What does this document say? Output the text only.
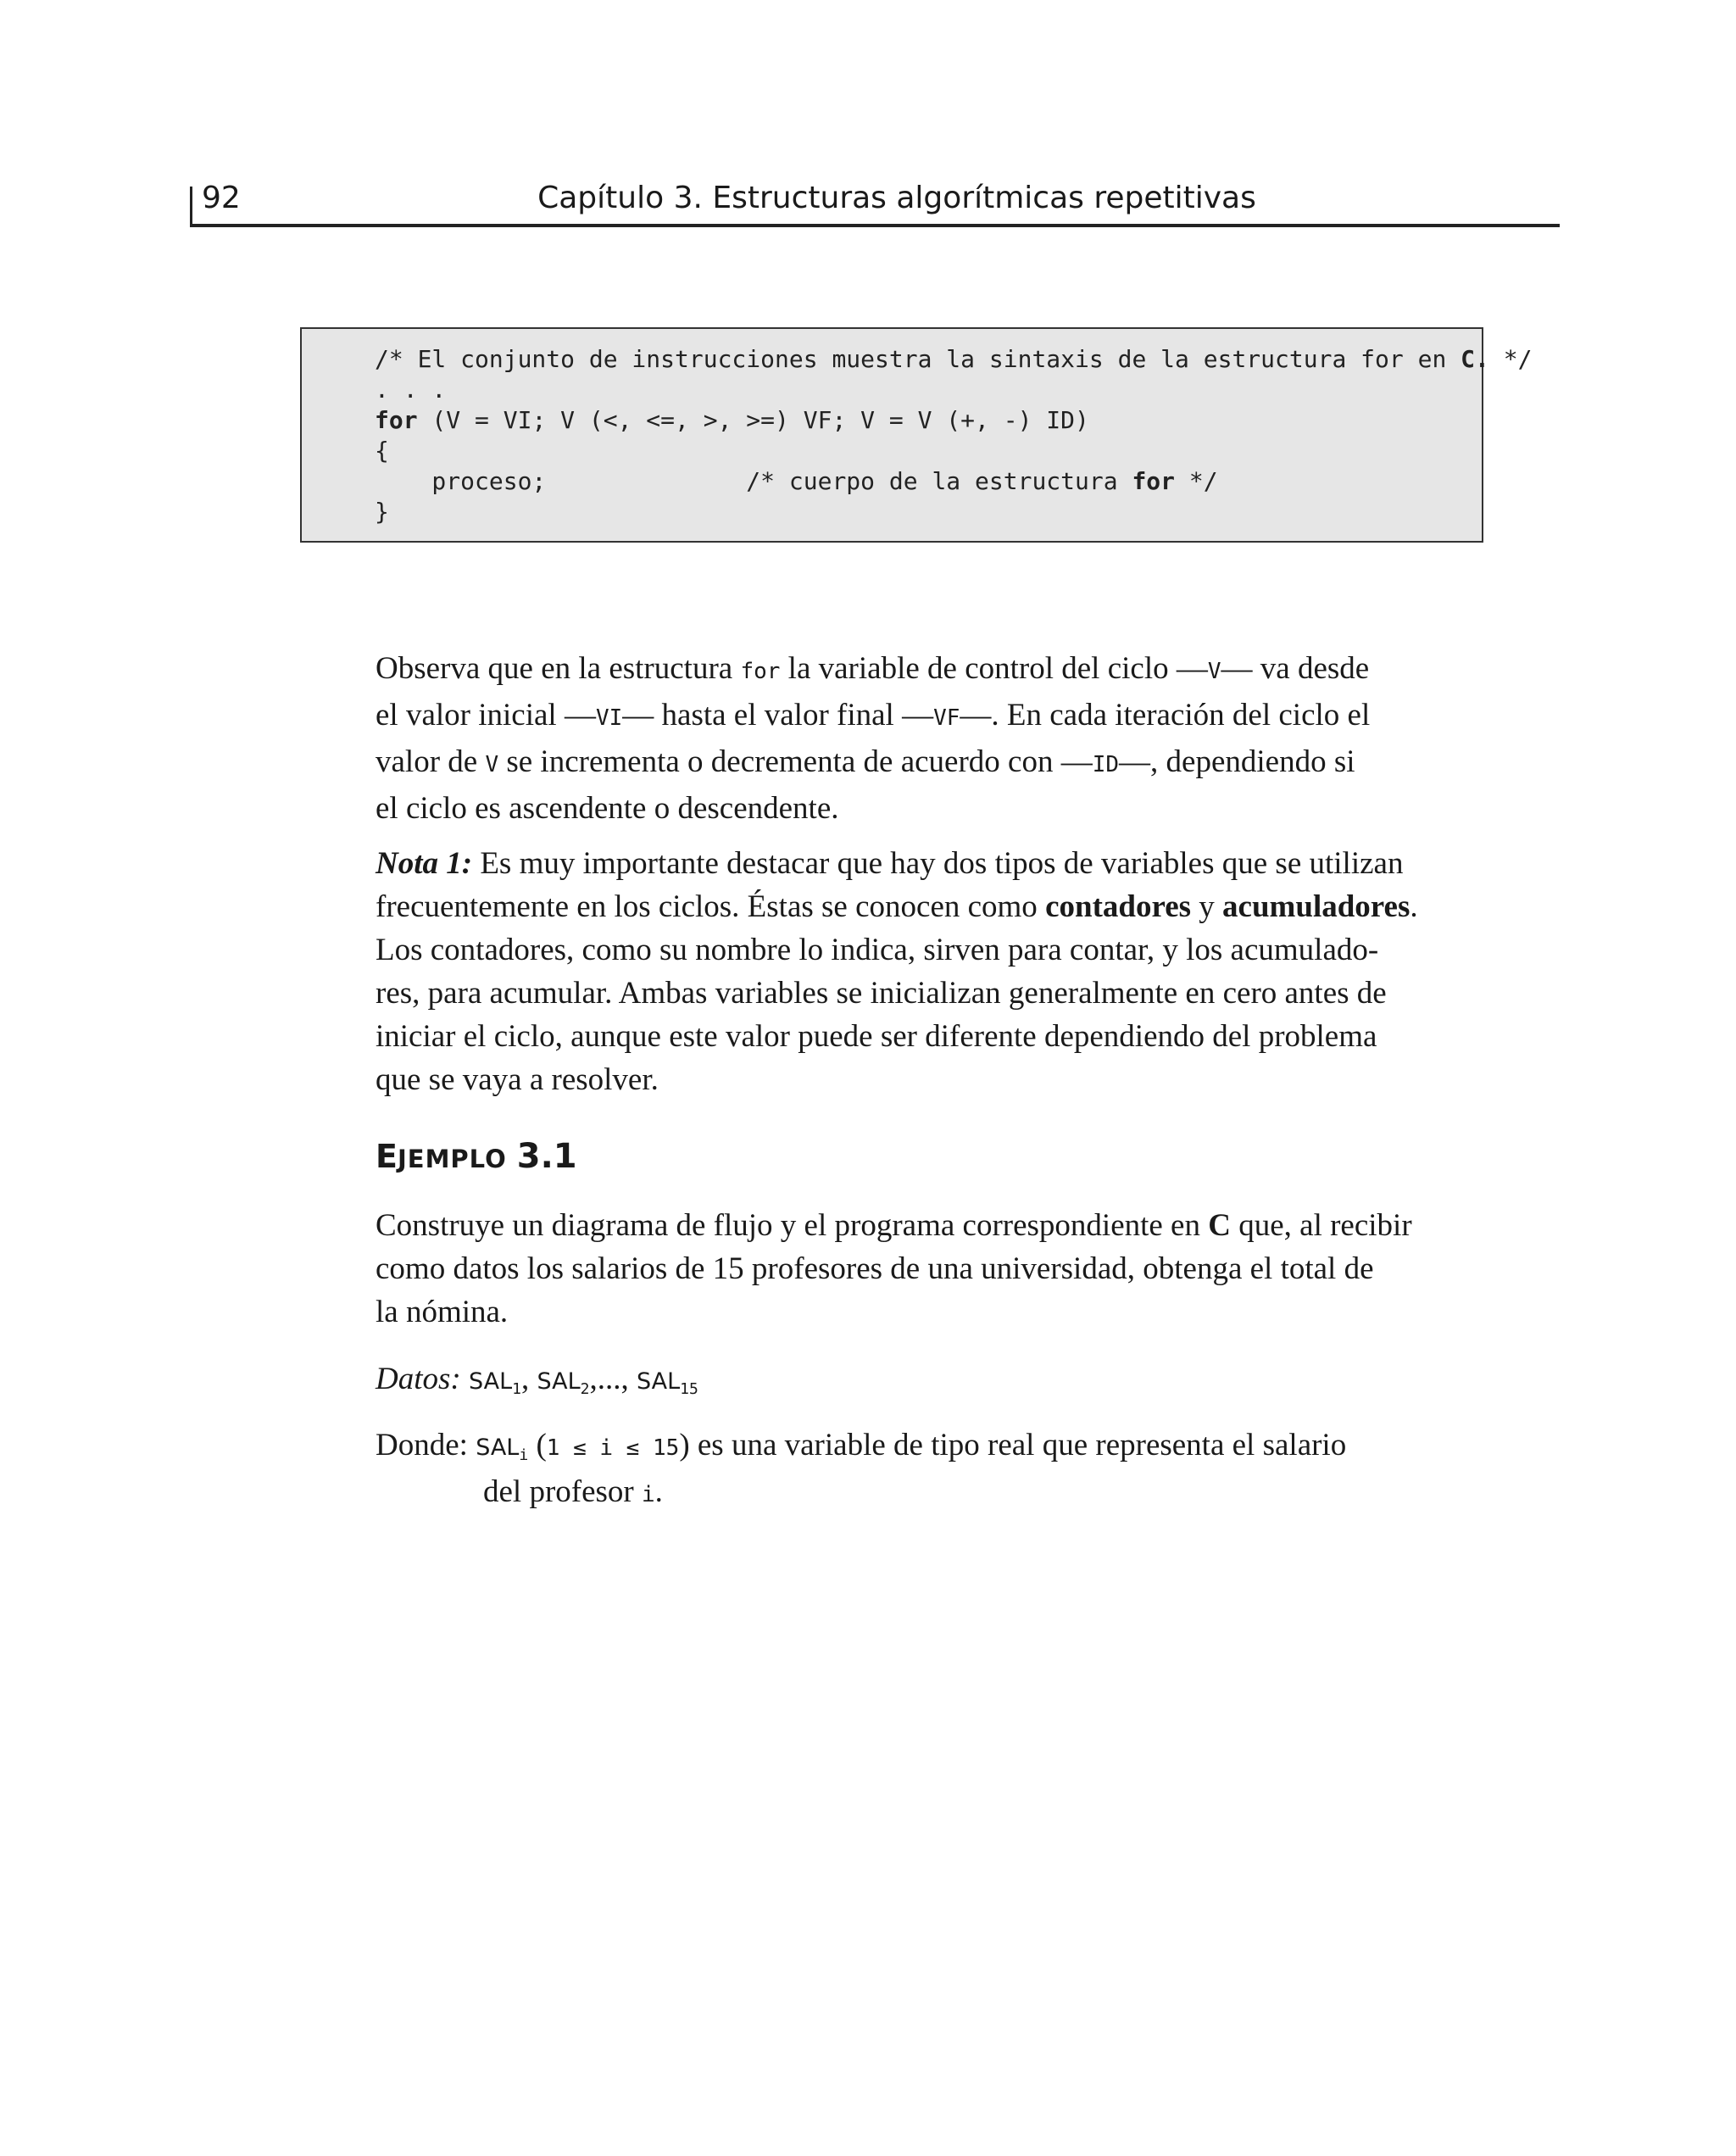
92	Capítulo 3. Estructuras algorítmicas repetitivas
/* El conjunto de instrucciones muestra la sintaxis de la estructura for en C. */
. . .
for (V = VI; V (<, <=, >, >=) VF; V = V (+, -) ID)
{
proceso;              /* cuerpo de la estructura for */
}

Observa que en la estructura for la variable de control del ciclo —V— va desde

el valor inicial —VI— hasta el valor final —VF—. En cada iteración del ciclo el

valor de V se incrementa o decrementa de acuerdo con —ID—, dependiendo si

el ciclo es ascendente o descendente.

Nota 1: Es muy importante destacar que hay dos tipos de variables que se utilizan

frecuentemente en los ciclos. Éstas se conocen como contadores y acumuladores.

Los contadores, como su nombre lo indica, sirven para contar, y los acumulado-

res, para acumular. Ambas variables se inicializan generalmente en cero antes de

iniciar el ciclo, aunque este valor puede ser diferente dependiendo del problema

que se vaya a resolver.

EJEMPLO 3.1

Construye un diagrama de flujo y el programa correspondiente en C que, al recibir

como datos los salarios de 15 profesores de una universidad, obtenga el total de

la nómina.

Datos: $SAL_1$, $SAL_2$,..., $SAL_{15}$

Donde: $SAL_i$ (1 ≤ i ≤ 15) es una variable de tipo real que representa el salario

del profesor i.
